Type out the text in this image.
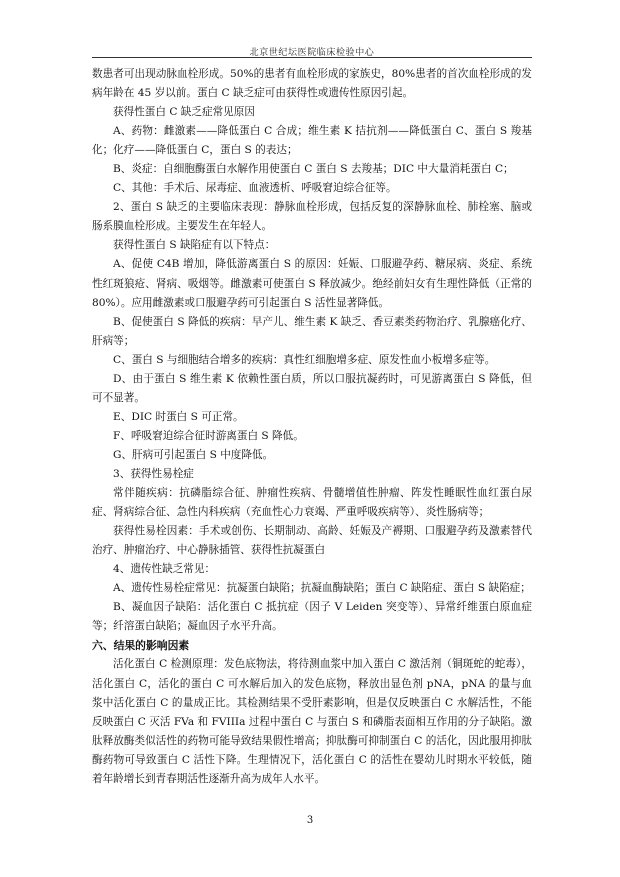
北京世纪坛医院临床检验中心

数患者可出现动脉血栓形成。50%的患者有血栓形成的家族史，80%患者的首次血栓形成的发病年龄在 45 岁以前。蛋白 C 缺乏症可由获得性或遗传性原因引起。

获得性蛋白 C 缺乏症常见原因

A、药物：雌激素——降低蛋白 C 合成；维生素 K 拮抗剂——降低蛋白 C、蛋白 S 羧基化；化疗——降低蛋白 C，蛋白 S 的表达；

B、炎症：自细胞酶蛋白水解作用使蛋白 C 蛋白 S 去羧基；DIC 中大量消耗蛋白 C；

C、其他：手术后、尿毒症、血液透析、呼吸窘迫综合征等。

2、蛋白 S 缺乏的主要临床表现：静脉血栓形成，包括反复的深静脉血栓、肺栓塞、脑或肠系膜血栓形成。主要发生在年轻人。

获得性蛋白 S 缺陷症有以下特点：

A、促使 C4B 增加，降低游离蛋白 S 的原因：妊娠、口服避孕药、糖尿病、炎症、系统性红斑狼疮、肾病、吸烟等。雌激素可使蛋白 S 释放减少。绝经前妇女有生理性降低（正常的 80%）。应用雌激素或口服避孕药可引起蛋白 S 活性显著降低。

B、促使蛋白 S 降低的疾病：早产儿、维生素 K 缺乏、香豆素类药物治疗、乳腺癌化疗、肝病等；

C、蛋白 S 与细胞结合增多的疾病：真性红细胞增多症、原发性血小板增多症等。

D、由于蛋白 S 维生素 K 依赖性蛋白质，所以口服抗凝药时，可见游离蛋白 S 降低，但可不显著。

E、DIC 时蛋白 S 可正常。

F、呼吸窘迫综合征时游离蛋白 S 降低。

G、肝病可引起蛋白 S 中度降低。

3、获得性易栓症

常伴随疾病：抗磷脂综合征、肿瘤性疾病、骨髓增值性肿瘤、阵发性睡眠性血红蛋白尿症、肾病综合征、急性内科疾病（充血性心力衰竭、严重呼吸疾病等）、炎性肠病等；

获得性易栓因素：手术或创伤、长期制动、高龄、妊娠及产褥期、口服避孕药及激素替代治疗、肿瘤治疗、中心静脉插管、获得性抗凝蛋白

4、遗传性缺乏常见：

A、遗传性易栓症常见：抗凝蛋白缺陷；抗凝血酶缺陷；蛋白 C 缺陷症、蛋白 S 缺陷症；

B、凝血因子缺陷：活化蛋白 C 抵抗症（因子 V Leiden 突变等）、异常纤维蛋白原血症等；纤溶蛋白缺陷；凝血因子水平升高。

六、结果的影响因素

活化蛋白 C 检测原理：发色底物法，将待测血浆中加入蛋白 C 激活剂（铜斑蛇的蛇毒），活化蛋白 C，活化的蛋白 C 可水解后加入的发色底物，释放出显色剂 pNA，pNA 的量与血浆中活化蛋白 C 的量成正比。其检测结果不受肝素影响，但是仅反映蛋白 C 水解活性，不能反映蛋白 C 灭活 FVa 和 FVIIIa 过程中蛋白 C 与蛋白 S 和磷脂表面相互作用的分子缺陷。激肽释放酶类似活性的药物可能导致结果假性增高；抑肽酶可抑制蛋白 C 的活化，因此服用抑肽酶药物可导致蛋白 C 活性下降。生理情况下，活化蛋白 C 的活性在婴幼儿时期水平较低，随着年龄增长到青春期活性逐渐升高为成年人水平。

3
